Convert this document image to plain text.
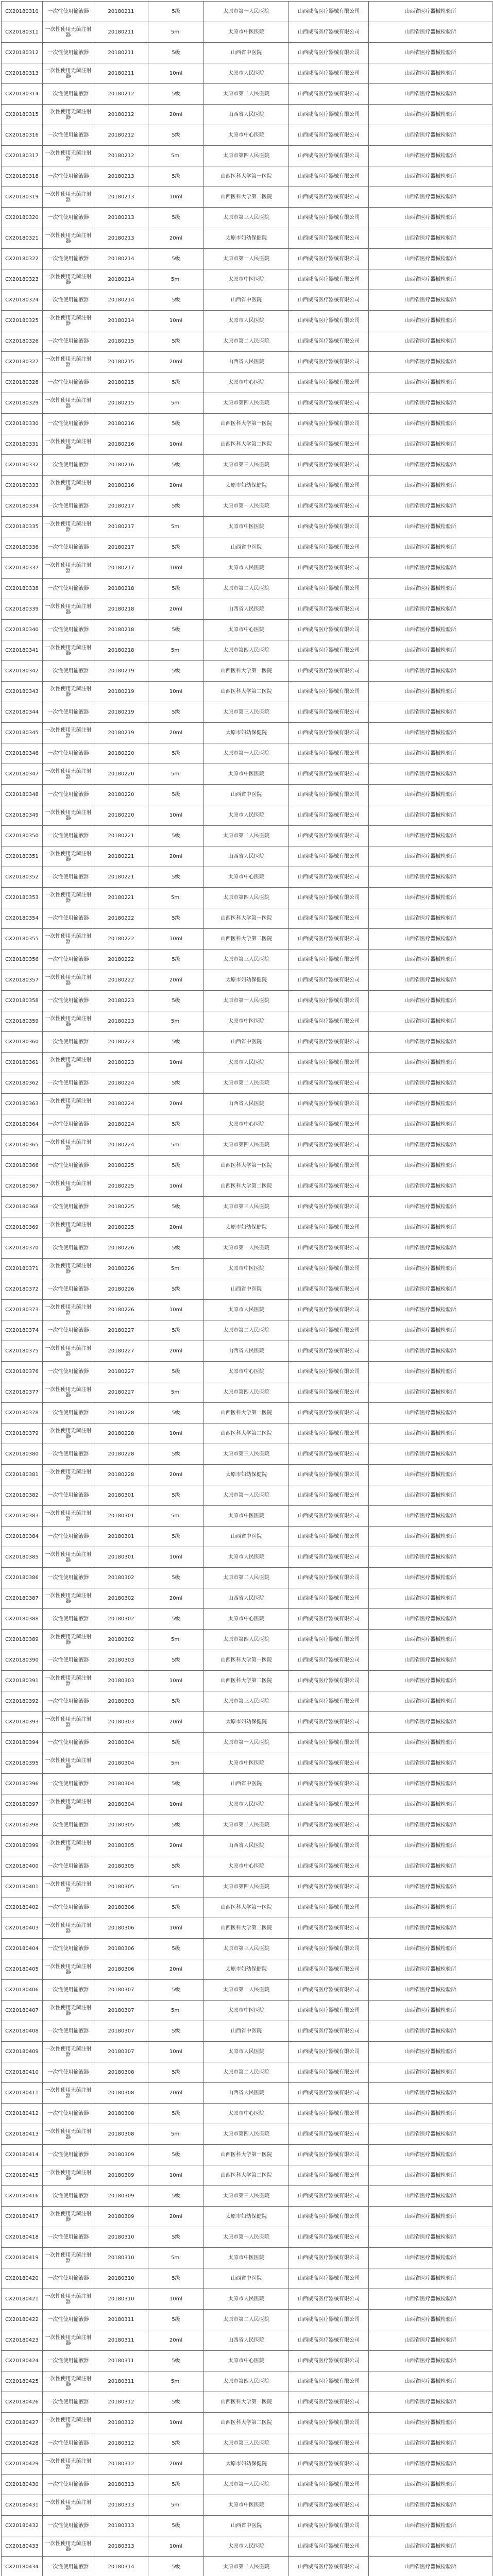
CX20180310	一次性使用输液器	20180211	5级	太原市第一人民医院	山西威高医疗器械有限公司	山西省医疗器械检验所
CX20180311	一次性使用无菌注射器	20180211	5ml	太原市中医医院	山西威高医疗器械有限公司	山西省医疗器械检验所
CX20180312	一次性使用输液器	20180211	5级	山西省中医院	山西威高医疗器械有限公司	山西省医疗器械检验所
CX20180313	一次性使用无菌注射器	20180211	10ml	太原市人民医院	山西威高医疗器械有限公司	山西省医疗器械检验所
CX20180314	一次性使用输液器	20180212	5级	太原市第二人民医院	山西威高医疗器械有限公司	山西省医疗器械检验所
CX20180315	一次性使用无菌注射器	20180212	20ml	山西省人民医院	山西威高医疗器械有限公司	山西省医疗器械检验所
CX20180316	一次性使用输液器	20180212	5级	太原市中心医院	山西威高医疗器械有限公司	山西省医疗器械检验所
CX20180317	一次性使用无菌注射器	20180212	5ml	太原市第四人民医院	山西威高医疗器械有限公司	山西省医疗器械检验所
CX20180318	一次性使用输液器	20180213	5级	山西医科大学第一医院	山西威高医疗器械有限公司	山西省医疗器械检验所
CX20180319	一次性使用无菌注射器	20180213	10ml	山西医科大学第二医院	山西威高医疗器械有限公司	山西省医疗器械检验所
CX20180320	一次性使用输液器	20180213	5级	太原市第三人民医院	山西威高医疗器械有限公司	山西省医疗器械检验所
CX20180321	一次性使用无菌注射器	20180213	20ml	太原市妇幼保健院	山西威高医疗器械有限公司	山西省医疗器械检验所
CX20180322	一次性使用输液器	20180214	5级	太原市第一人民医院	山西威高医疗器械有限公司	山西省医疗器械检验所
CX20180323	一次性使用无菌注射器	20180214	5ml	太原市中医医院	山西威高医疗器械有限公司	山西省医疗器械检验所
CX20180324	一次性使用输液器	20180214	5级	山西省中医院	山西威高医疗器械有限公司	山西省医疗器械检验所
CX20180325	一次性使用无菌注射器	20180214	10ml	太原市人民医院	山西威高医疗器械有限公司	山西省医疗器械检验所
CX20180326	一次性使用输液器	20180215	5级	太原市第二人民医院	山西威高医疗器械有限公司	山西省医疗器械检验所
CX20180327	一次性使用无菌注射器	20180215	20ml	山西省人民医院	山西威高医疗器械有限公司	山西省医疗器械检验所
CX20180328	一次性使用输液器	20180215	5级	太原市中心医院	山西威高医疗器械有限公司	山西省医疗器械检验所
CX20180329	一次性使用无菌注射器	20180215	5ml	太原市第四人民医院	山西威高医疗器械有限公司	山西省医疗器械检验所
CX20180330	一次性使用输液器	20180216	5级	山西医科大学第一医院	山西威高医疗器械有限公司	山西省医疗器械检验所
CX20180331	一次性使用无菌注射器	20180216	10ml	山西医科大学第二医院	山西威高医疗器械有限公司	山西省医疗器械检验所
CX20180332	一次性使用输液器	20180216	5级	太原市第三人民医院	山西威高医疗器械有限公司	山西省医疗器械检验所
CX20180333	一次性使用无菌注射器	20180216	20ml	太原市妇幼保健院	山西威高医疗器械有限公司	山西省医疗器械检验所
CX20180334	一次性使用输液器	20180217	5级	太原市第一人民医院	山西威高医疗器械有限公司	山西省医疗器械检验所
CX20180335	一次性使用无菌注射器	20180217	5ml	太原市中医医院	山西威高医疗器械有限公司	山西省医疗器械检验所
CX20180336	一次性使用输液器	20180217	5级	山西省中医院	山西威高医疗器械有限公司	山西省医疗器械检验所
CX20180337	一次性使用无菌注射器	20180217	10ml	太原市人民医院	山西威高医疗器械有限公司	山西省医疗器械检验所
CX20180338	一次性使用输液器	20180218	5级	太原市第二人民医院	山西威高医疗器械有限公司	山西省医疗器械检验所
CX20180339	一次性使用无菌注射器	20180218	20ml	山西省人民医院	山西威高医疗器械有限公司	山西省医疗器械检验所
CX20180340	一次性使用输液器	20180218	5级	太原市中心医院	山西威高医疗器械有限公司	山西省医疗器械检验所
CX20180341	一次性使用无菌注射器	20180218	5ml	太原市第四人民医院	山西威高医疗器械有限公司	山西省医疗器械检验所
CX20180342	一次性使用输液器	20180219	5级	山西医科大学第一医院	山西威高医疗器械有限公司	山西省医疗器械检验所
CX20180343	一次性使用无菌注射器	20180219	10ml	山西医科大学第二医院	山西威高医疗器械有限公司	山西省医疗器械检验所
CX20180344	一次性使用输液器	20180219	5级	太原市第三人民医院	山西威高医疗器械有限公司	山西省医疗器械检验所
CX20180345	一次性使用无菌注射器	20180219	20ml	太原市妇幼保健院	山西威高医疗器械有限公司	山西省医疗器械检验所
CX20180346	一次性使用输液器	20180220	5级	太原市第一人民医院	山西威高医疗器械有限公司	山西省医疗器械检验所
CX20180347	一次性使用无菌注射器	20180220	5ml	太原市中医医院	山西威高医疗器械有限公司	山西省医疗器械检验所
CX20180348	一次性使用输液器	20180220	5级	山西省中医院	山西威高医疗器械有限公司	山西省医疗器械检验所
CX20180349	一次性使用无菌注射器	20180220	10ml	太原市人民医院	山西威高医疗器械有限公司	山西省医疗器械检验所
CX20180350	一次性使用输液器	20180221	5级	太原市第二人民医院	山西威高医疗器械有限公司	山西省医疗器械检验所
CX20180351	一次性使用无菌注射器	20180221	20ml	山西省人民医院	山西威高医疗器械有限公司	山西省医疗器械检验所
CX20180352	一次性使用输液器	20180221	5级	太原市中心医院	山西威高医疗器械有限公司	山西省医疗器械检验所
CX20180353	一次性使用无菌注射器	20180221	5ml	太原市第四人民医院	山西威高医疗器械有限公司	山西省医疗器械检验所
CX20180354	一次性使用输液器	20180222	5级	山西医科大学第一医院	山西威高医疗器械有限公司	山西省医疗器械检验所
CX20180355	一次性使用无菌注射器	20180222	10ml	山西医科大学第二医院	山西威高医疗器械有限公司	山西省医疗器械检验所
CX20180356	一次性使用输液器	20180222	5级	太原市第三人民医院	山西威高医疗器械有限公司	山西省医疗器械检验所
CX20180357	一次性使用无菌注射器	20180222	20ml	太原市妇幼保健院	山西威高医疗器械有限公司	山西省医疗器械检验所
CX20180358	一次性使用输液器	20180223	5级	太原市第一人民医院	山西威高医疗器械有限公司	山西省医疗器械检验所
CX20180359	一次性使用无菌注射器	20180223	5ml	太原市中医医院	山西威高医疗器械有限公司	山西省医疗器械检验所
CX20180360	一次性使用输液器	20180223	5级	山西省中医院	山西威高医疗器械有限公司	山西省医疗器械检验所
CX20180361	一次性使用无菌注射器	20180223	10ml	太原市人民医院	山西威高医疗器械有限公司	山西省医疗器械检验所
CX20180362	一次性使用输液器	20180224	5级	太原市第二人民医院	山西威高医疗器械有限公司	山西省医疗器械检验所
CX20180363	一次性使用无菌注射器	20180224	20ml	山西省人民医院	山西威高医疗器械有限公司	山西省医疗器械检验所
CX20180364	一次性使用输液器	20180224	5级	太原市中心医院	山西威高医疗器械有限公司	山西省医疗器械检验所
CX20180365	一次性使用无菌注射器	20180224	5ml	太原市第四人民医院	山西威高医疗器械有限公司	山西省医疗器械检验所
CX20180366	一次性使用输液器	20180225	5级	山西医科大学第一医院	山西威高医疗器械有限公司	山西省医疗器械检验所
CX20180367	一次性使用无菌注射器	20180225	10ml	山西医科大学第二医院	山西威高医疗器械有限公司	山西省医疗器械检验所
CX20180368	一次性使用输液器	20180225	5级	太原市第三人民医院	山西威高医疗器械有限公司	山西省医疗器械检验所
CX20180369	一次性使用无菌注射器	20180225	20ml	太原市妇幼保健院	山西威高医疗器械有限公司	山西省医疗器械检验所
CX20180370	一次性使用输液器	20180226	5级	太原市第一人民医院	山西威高医疗器械有限公司	山西省医疗器械检验所
CX20180371	一次性使用无菌注射器	20180226	5ml	太原市中医医院	山西威高医疗器械有限公司	山西省医疗器械检验所
CX20180372	一次性使用输液器	20180226	5级	山西省中医院	山西威高医疗器械有限公司	山西省医疗器械检验所
CX20180373	一次性使用无菌注射器	20180226	10ml	太原市人民医院	山西威高医疗器械有限公司	山西省医疗器械检验所
CX20180374	一次性使用输液器	20180227	5级	太原市第二人民医院	山西威高医疗器械有限公司	山西省医疗器械检验所
CX20180375	一次性使用无菌注射器	20180227	20ml	山西省人民医院	山西威高医疗器械有限公司	山西省医疗器械检验所
CX20180376	一次性使用输液器	20180227	5级	太原市中心医院	山西威高医疗器械有限公司	山西省医疗器械检验所
CX20180377	一次性使用无菌注射器	20180227	5ml	太原市第四人民医院	山西威高医疗器械有限公司	山西省医疗器械检验所
CX20180378	一次性使用输液器	20180228	5级	山西医科大学第一医院	山西威高医疗器械有限公司	山西省医疗器械检验所
CX20180379	一次性使用无菌注射器	20180228	10ml	山西医科大学第二医院	山西威高医疗器械有限公司	山西省医疗器械检验所
CX20180380	一次性使用输液器	20180228	5级	太原市第三人民医院	山西威高医疗器械有限公司	山西省医疗器械检验所
CX20180381	一次性使用无菌注射器	20180228	20ml	太原市妇幼保健院	山西威高医疗器械有限公司	山西省医疗器械检验所
CX20180382	一次性使用输液器	20180301	5级	太原市第一人民医院	山西威高医疗器械有限公司	山西省医疗器械检验所
CX20180383	一次性使用无菌注射器	20180301	5ml	太原市中医医院	山西威高医疗器械有限公司	山西省医疗器械检验所
CX20180384	一次性使用输液器	20180301	5级	山西省中医院	山西威高医疗器械有限公司	山西省医疗器械检验所
CX20180385	一次性使用无菌注射器	20180301	10ml	太原市人民医院	山西威高医疗器械有限公司	山西省医疗器械检验所
CX20180386	一次性使用输液器	20180302	5级	太原市第二人民医院	山西威高医疗器械有限公司	山西省医疗器械检验所
CX20180387	一次性使用无菌注射器	20180302	20ml	山西省人民医院	山西威高医疗器械有限公司	山西省医疗器械检验所
CX20180388	一次性使用输液器	20180302	5级	太原市中心医院	山西威高医疗器械有限公司	山西省医疗器械检验所
CX20180389	一次性使用无菌注射器	20180302	5ml	太原市第四人民医院	山西威高医疗器械有限公司	山西省医疗器械检验所
CX20180390	一次性使用输液器	20180303	5级	山西医科大学第一医院	山西威高医疗器械有限公司	山西省医疗器械检验所
CX20180391	一次性使用无菌注射器	20180303	10ml	山西医科大学第二医院	山西威高医疗器械有限公司	山西省医疗器械检验所
CX20180392	一次性使用输液器	20180303	5级	太原市第三人民医院	山西威高医疗器械有限公司	山西省医疗器械检验所
CX20180393	一次性使用无菌注射器	20180303	20ml	太原市妇幼保健院	山西威高医疗器械有限公司	山西省医疗器械检验所
CX20180394	一次性使用输液器	20180304	5级	太原市第一人民医院	山西威高医疗器械有限公司	山西省医疗器械检验所
CX20180395	一次性使用无菌注射器	20180304	5ml	太原市中医医院	山西威高医疗器械有限公司	山西省医疗器械检验所
CX20180396	一次性使用输液器	20180304	5级	山西省中医院	山西威高医疗器械有限公司	山西省医疗器械检验所
CX20180397	一次性使用无菌注射器	20180304	10ml	太原市人民医院	山西威高医疗器械有限公司	山西省医疗器械检验所
CX20180398	一次性使用输液器	20180305	5级	太原市第二人民医院	山西威高医疗器械有限公司	山西省医疗器械检验所
CX20180399	一次性使用无菌注射器	20180305	20ml	山西省人民医院	山西威高医疗器械有限公司	山西省医疗器械检验所
CX20180400	一次性使用输液器	20180305	5级	太原市中心医院	山西威高医疗器械有限公司	山西省医疗器械检验所
CX20180401	一次性使用无菌注射器	20180305	5ml	太原市第四人民医院	山西威高医疗器械有限公司	山西省医疗器械检验所
CX20180402	一次性使用输液器	20180306	5级	山西医科大学第一医院	山西威高医疗器械有限公司	山西省医疗器械检验所
CX20180403	一次性使用无菌注射器	20180306	10ml	山西医科大学第二医院	山西威高医疗器械有限公司	山西省医疗器械检验所
CX20180404	一次性使用输液器	20180306	5级	太原市第三人民医院	山西威高医疗器械有限公司	山西省医疗器械检验所
CX20180405	一次性使用无菌注射器	20180306	20ml	太原市妇幼保健院	山西威高医疗器械有限公司	山西省医疗器械检验所
CX20180406	一次性使用输液器	20180307	5级	太原市第一人民医院	山西威高医疗器械有限公司	山西省医疗器械检验所
CX20180407	一次性使用无菌注射器	20180307	5ml	太原市中医医院	山西威高医疗器械有限公司	山西省医疗器械检验所
CX20180408	一次性使用输液器	20180307	5级	山西省中医院	山西威高医疗器械有限公司	山西省医疗器械检验所
CX20180409	一次性使用无菌注射器	20180307	10ml	太原市人民医院	山西威高医疗器械有限公司	山西省医疗器械检验所
CX20180410	一次性使用输液器	20180308	5级	太原市第二人民医院	山西威高医疗器械有限公司	山西省医疗器械检验所
CX20180411	一次性使用无菌注射器	20180308	20ml	山西省人民医院	山西威高医疗器械有限公司	山西省医疗器械检验所
CX20180412	一次性使用输液器	20180308	5级	太原市中心医院	山西威高医疗器械有限公司	山西省医疗器械检验所
CX20180413	一次性使用无菌注射器	20180308	5ml	太原市第四人民医院	山西威高医疗器械有限公司	山西省医疗器械检验所
CX20180414	一次性使用输液器	20180309	5级	山西医科大学第一医院	山西威高医疗器械有限公司	山西省医疗器械检验所
CX20180415	一次性使用无菌注射器	20180309	10ml	山西医科大学第二医院	山西威高医疗器械有限公司	山西省医疗器械检验所
CX20180416	一次性使用输液器	20180309	5级	太原市第三人民医院	山西威高医疗器械有限公司	山西省医疗器械检验所
CX20180417	一次性使用无菌注射器	20180309	20ml	太原市妇幼保健院	山西威高医疗器械有限公司	山西省医疗器械检验所
CX20180418	一次性使用输液器	20180310	5级	太原市第一人民医院	山西威高医疗器械有限公司	山西省医疗器械检验所
CX20180419	一次性使用无菌注射器	20180310	5ml	太原市中医医院	山西威高医疗器械有限公司	山西省医疗器械检验所
CX20180420	一次性使用输液器	20180310	5级	山西省中医院	山西威高医疗器械有限公司	山西省医疗器械检验所
CX20180421	一次性使用无菌注射器	20180310	10ml	太原市人民医院	山西威高医疗器械有限公司	山西省医疗器械检验所
CX20180422	一次性使用输液器	20180311	5级	太原市第二人民医院	山西威高医疗器械有限公司	山西省医疗器械检验所
CX20180423	一次性使用无菌注射器	20180311	20ml	山西省人民医院	山西威高医疗器械有限公司	山西省医疗器械检验所
CX20180424	一次性使用输液器	20180311	5级	太原市中心医院	山西威高医疗器械有限公司	山西省医疗器械检验所
CX20180425	一次性使用无菌注射器	20180311	5ml	太原市第四人民医院	山西威高医疗器械有限公司	山西省医疗器械检验所
CX20180426	一次性使用输液器	20180312	5级	山西医科大学第一医院	山西威高医疗器械有限公司	山西省医疗器械检验所
CX20180427	一次性使用无菌注射器	20180312	10ml	山西医科大学第二医院	山西威高医疗器械有限公司	山西省医疗器械检验所
CX20180428	一次性使用输液器	20180312	5级	太原市第三人民医院	山西威高医疗器械有限公司	山西省医疗器械检验所
CX20180429	一次性使用无菌注射器	20180312	20ml	太原市妇幼保健院	山西威高医疗器械有限公司	山西省医疗器械检验所
CX20180430	一次性使用输液器	20180313	5级	太原市第一人民医院	山西威高医疗器械有限公司	山西省医疗器械检验所
CX20180431	一次性使用无菌注射器	20180313	5ml	太原市中医医院	山西威高医疗器械有限公司	山西省医疗器械检验所
CX20180432	一次性使用输液器	20180313	5级	山西省中医院	山西威高医疗器械有限公司	山西省医疗器械检验所
CX20180433	一次性使用无菌注射器	20180313	10ml	太原市人民医院	山西威高医疗器械有限公司	山西省医疗器械检验所
CX20180434	一次性使用输液器	20180314	5级	太原市第二人民医院	山西威高医疗器械有限公司	山西省医疗器械检验所
